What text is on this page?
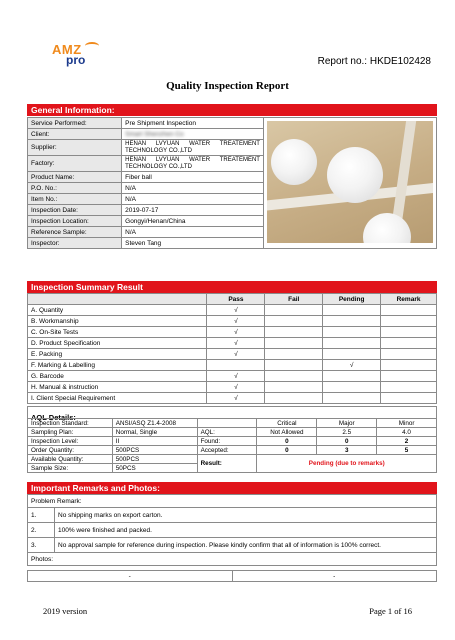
AMZ
pro	Report no.: HKDE102428
Quality Inspection Report
General Information:
Service Performed:	Pre Shipment Inspection	

Client:	Smart Shenzhen Co	
Supplier:	HENAN LVYUAN WATER TREATEMENT
TECHNOLOGY CO.,LTD	

Factory:	HENAN LVYUAN WATER TREATEMENT
TECHNOLOGY CO.,LTD	

Product Name:	Fiber ball	
P.O. No.:	N/A	
Item No.:	N/A	
Inspection Date:	2019-07-17	
Inspection Location:	Gongyi/Henan/China	
Reference Sample:	N/A	
Inspector:	Steven Tang	
Inspection Summary Result
	Pass	Fail	Pending	Remark
A. Quantity	√			
B. Workmanship	√			
C. On-Site Tests	√			
D. Product Specification	√			
E. Packing	√			
F. Marking & Labelling			√	
G. Barcode	√			
H. Manual & instruction	√			
I. Client Special Requirement	√			
AQL Details:
Inspection Standard:	ANSI/ASQ Z1.4-2008		Critical	Major	Minor
Sampling Plan:	Normal, Single	AQL:	Not Allowed	2.5	4.0
Inspection Level:	II	Found:	0	0	2
Order Quantity:	500PCS	Accepted:	0	3	5
Available Quantity:	500PCS	Result:	Pending (due to remarks)		
Sample Size:	50PCS				
Important Remarks and Photos:
Problem Remark:	
1.	No shipping marks on export carton.
2.	100% were finished and packed.
3.	No approval sample for reference during inspection. Please kindly confirm that all of information is 100% correct.
Photos:	
-	-
2019 version	Page 1 of 16
